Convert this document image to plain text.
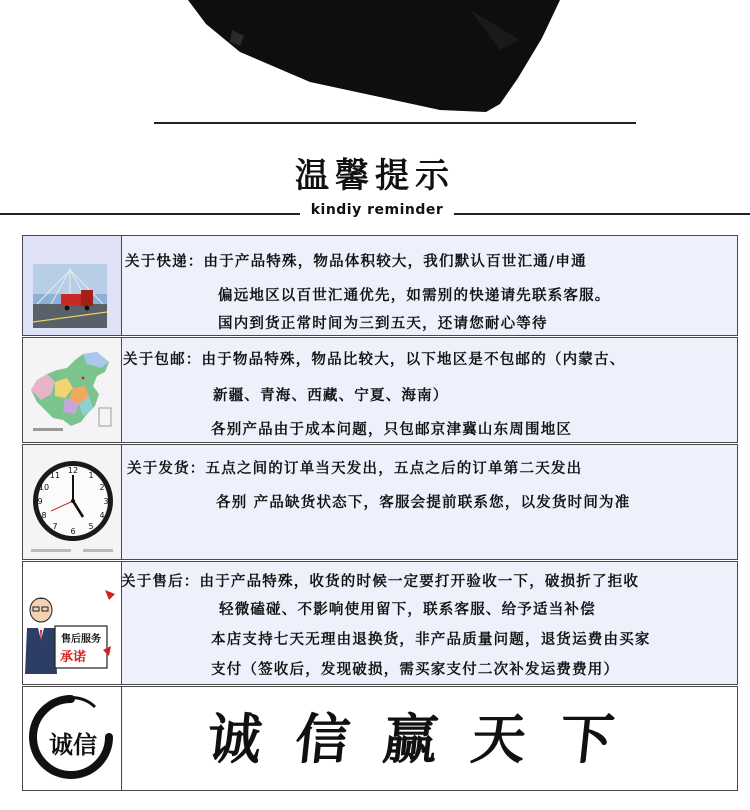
温馨提示
kindiy reminder
关于快递：由于产品特殊，物品体积较大，我们默认百世汇通/申通
偏远地区以百世汇通优先，如需别的快递请先联系客服。
国内到货正常时间为三到五天，还请您耐心等待
关于包邮：由于物品特殊，物品比较大，以下地区是不包邮的（内蒙古、
新疆、青海、西藏、宁夏、海南）
各别产品由于成本问题，只包邮京津冀山东周围地区
12
1
2
3
4
5
6
7
8
9
10
11	关于发货：五点之间的订单当天发出，五点之后的订单第二天发出
各别 产品缺货状态下，客服会提前联系您，以发货时间为准
售后服务
承诺
关于售后：由于产品特殊，收货的时候一定要打开验收一下，破损折了拒收
轻微磕碰、不影响使用留下，联系客服、给予适当补偿
本店支持七天无理由退换货，非产品质量问题，退货运费由买家
支付（签收后，发现破损，需买家支付二次补发运费费用）
诚信 诚信赢天下
